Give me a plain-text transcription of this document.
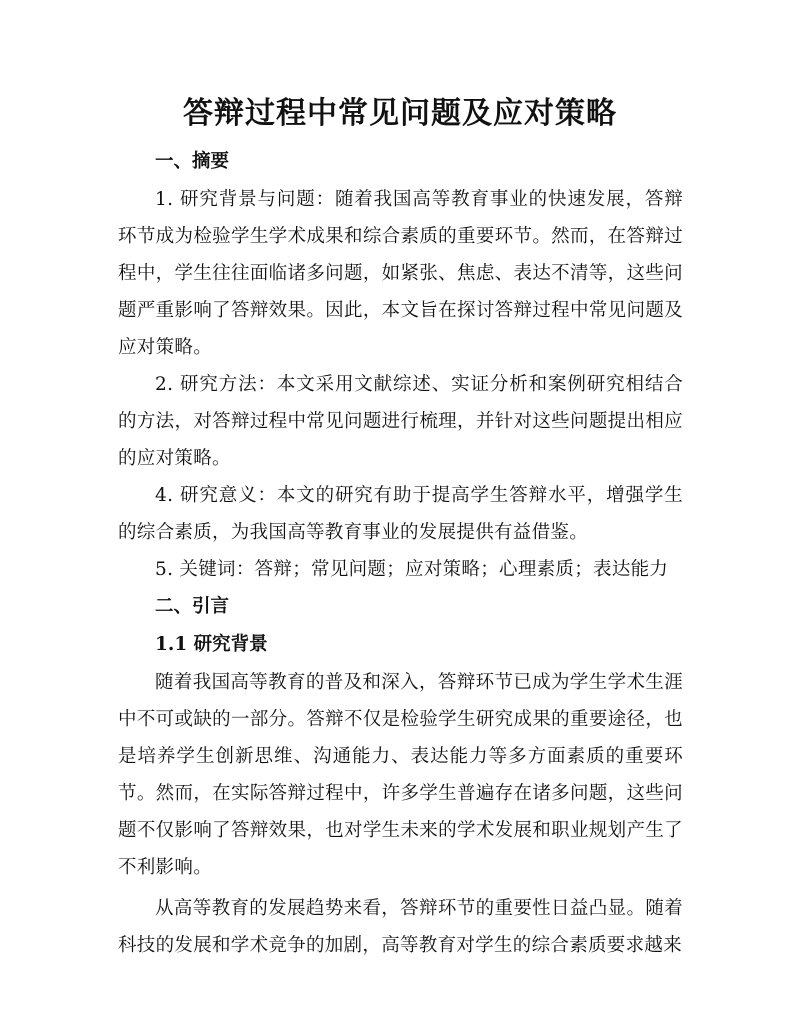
答辩过程中常见问题及应对策略
一、摘要

1. 研究背景与问题：随着我国高等教育事业的快速发展，答辩环节成为检验学生学术成果和综合素质的重要环节。然而，在答辩过程中，学生往往面临诸多问题，如紧张、焦虑、表达不清等，这些问题严重影响了答辩效果。因此，本文旨在探讨答辩过程中常见问题及应对策略。

2. 研究方法：本文采用文献综述、实证分析和案例研究相结合的方法，对答辩过程中常见问题进行梳理，并针对这些问题提出相应的应对策略。

4. 研究意义：本文的研究有助于提高学生答辩水平，增强学生的综合素质，为我国高等教育事业的发展提供有益借鉴。

5. 关键词：答辩；常见问题；应对策略；心理素质；表达能力

二、引言
1.1 研究背景

随着我国高等教育的普及和深入，答辩环节已成为学生学术生涯中不可或缺的一部分。答辩不仅是检验学生研究成果的重要途径，也是培养学生创新思维、沟通能力、表达能力等多方面素质的重要环节。然而，在实际答辩过程中，许多学生普遍存在诸多问题，这些问题不仅影响了答辩效果，也对学生未来的学术发展和职业规划产生了不利影响。

从高等教育的发展趋势来看，答辩环节的重要性日益凸显。随着科技的发展和学术竞争的加剧，高等教育对学生的综合素质要求越来
